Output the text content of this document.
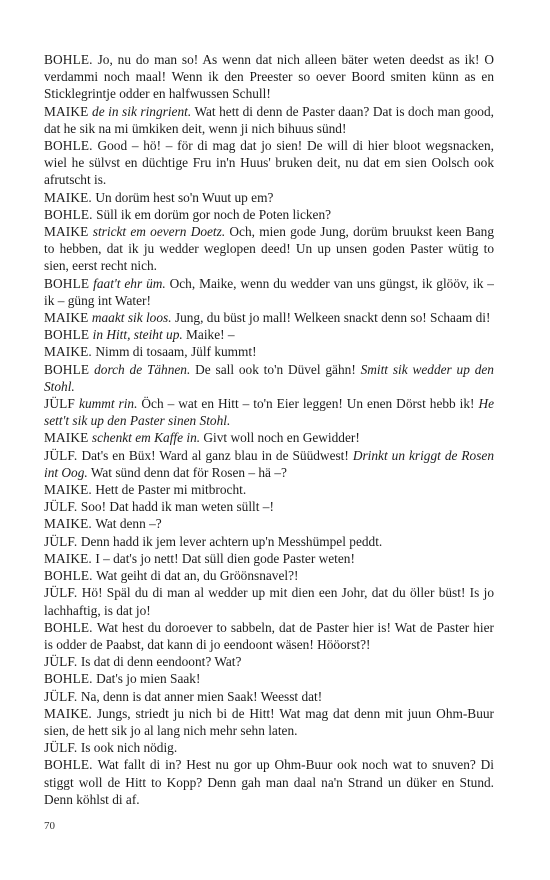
BOHLE. Jo, nu do man so! As wenn dat nich alleen bäter weten deedst as ik! O verdammi noch maal! Wenn ik den Preester so oever Boord smiten künn as en Sticklegrintje odder en halfwussen Schull!

MAIKE de in sik ringrient. Wat hett di denn de Paster daan? Dat is doch man good, dat he sik na mi ümkiken deit, wenn ji nich bihuus sünd!

BOHLE. Good – hö! – för di mag dat jo sien! De will di hier bloot wegsnacken, wiel he sülvst en düchtige Fru in'n Huus' bruken deit, nu dat em sien Oolsch ook afrutscht is.

MAIKE. Un dorüm hest so'n Wuut up em?

BOHLE. Süll ik em dorüm gor noch de Poten licken?

MAIKE strickt em oevern Doetz. Och, mien gode Jung, dorüm bruukst keen Bang to hebben, dat ik ju wedder weglopen deed! Un up unsen goden Paster wütig to sien, eerst recht nich.

BOHLE faat't ehr üm. Och, Maike, wenn du wedder van uns güngst, ik glööv, ik – ik – güng int Water!

MAIKE maakt sik loos. Jung, du büst jo mall! Welkeen snackt denn so! Schaam di!

BOHLE in Hitt, steiht up. Maike! –

MAIKE. Nimm di tosaam, Jülf kummt!

BOHLE dorch de Tähnen. De sall ook to'n Düvel gähn! Smitt sik wedder up den Stohl.

JÜLF kummt rin. Öch – wat en Hitt – to'n Eier leggen! Un enen Dörst hebb ik! He sett't sik up den Paster sinen Stohl.

MAIKE schenkt em Kaffe in. Givt woll noch en Gewidder!

JÜLF. Dat's en Büx! Ward al ganz blau in de Süüdwest! Drinkt un kriggt de Rosen int Oog. Wat sünd denn dat för Rosen – hä –?

MAIKE. Hett de Paster mi mitbrocht.

JÜLF. Soo! Dat hadd ik man weten süllt –!

MAIKE. Wat denn –?

JÜLF. Denn hadd ik jem lever achtern up'n Messhümpel peddt.

MAIKE. I – dat's jo nett! Dat süll dien gode Paster weten!

BOHLE. Wat geiht di dat an, du Gröönsnavel?!

JÜLF. Hö! Späl du di man al wedder up mit dien een Johr, dat du öller büst! Is jo lachhaftig, is dat jo!

BOHLE. Wat hest du doroever to sabbeln, dat de Paster hier is! Wat de Paster hier is odder de Paabst, dat kann di jo eendoont wäsen! Hööorst?!

JÜLF. Is dat di denn eendoont? Wat?

BOHLE. Dat's jo mien Saak!

JÜLF. Na, denn is dat anner mien Saak! Weesst dat!

MAIKE. Jungs, striedt ju nich bi de Hitt! Wat mag dat denn mit juun Ohm-Buur sien, de hett sik jo al lang nich mehr sehn laten.

JÜLF. Is ook nich nödig.

BOHLE. Wat fallt di in? Hest nu gor up Ohm-Buur ook noch wat to snuven? Di stiggt woll de Hitt to Kopp? Denn gah man daal na'n Strand un düker en Stund. Denn köhlst di af.

70
